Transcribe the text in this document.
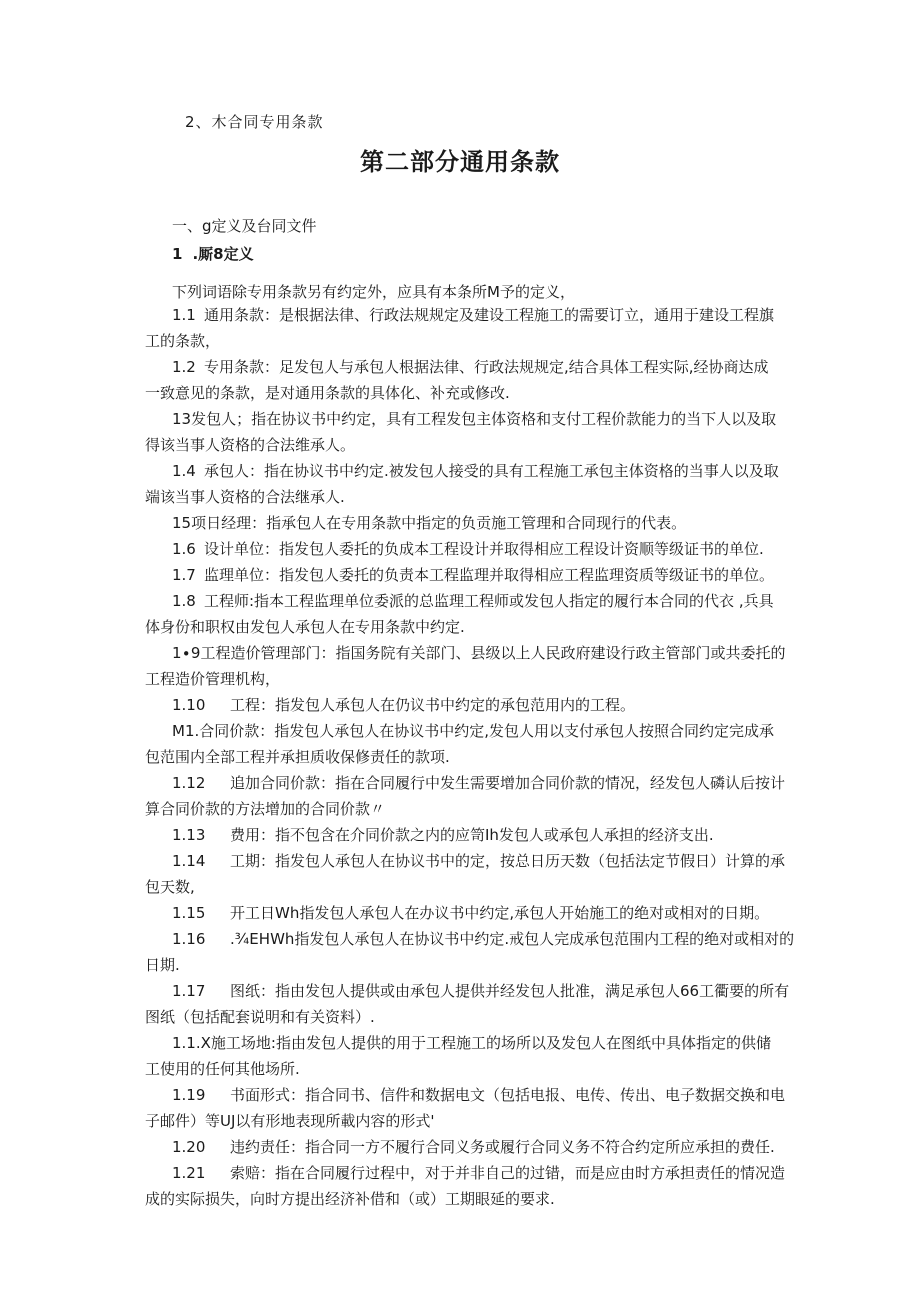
2、木合同专用条款

第二部分通用条款

一、g定义及台同文件

1 .厮8定义

下列词语除专用条款另有约定外，应具有本条所M予的定义，

1.1 通用条款：是根据法律、行政法规规定及建设工程施工的需要订立，通用于建设工程旗
工的条款，
1.2 专用条款：足发包人与承包人根据法律、行政法规规定,结合具体工程实际,经协商达成
一致意见的条款，是对通用条款的具体化、补充或修改.
13发包人；指在协议书中约定，具有工程发包主体资格和支付工程价款能力的当下人以及取
得该当事人资格的合法维承人。
1.4 承包人：指在协议书中约定.被发包人接受的具有工程施工承包主体资格的当事人以及取
端该当事人资格的合法继承人.
15项日经理：指承包人在专用条款中指定的负贡施工管理和合同现行的代表。
1.6 设计单位：指发包人委托的负成本工程设计并取得相应工程设计资顺等级证书的单位.
1.7 监理单位：指发包人委托的负责本工程监理并取得相应工程监理资质等级证书的单位。
1.8 工程师:指本工程监理单位委派的总监理工程师或发包人指定的履行本合同的代衣 ,兵具
体身份和职权由发包人承包人在专用条款中约定.
1∙9工程造价管理部门：指国务院有关部门、县级以上人民政府建设行政主管部门或共委托的
工程造价管理机构，
1.10 工程：指发包人承包人在仍议书中约定的承包范用内的工程。
M1.合同价款：指发包人承包人在协议书中约定,发包人用以支付承包人按照合同约定完成承
包范围内全部工程并承担质收保修责任的款项.
1.12 追加合同价款：指在合同履行中发生需要增加合同价款的情况，经发包人磷认后按计
算合同价款的方法增加的合同价款〃
1.13 费用：指不包含在介同价款之内的应笥Ih发包人或承包人承担的经济支出.
1.14 工期：指发包人承包人在协议书中的定，按总日历天数（包括法定节假日）计算的承
包天数,
1.15 开工日Wh指发包人承包人在办议书中约定,承包人开始施工的绝对或相对的日期。
1.16 .¾EHWh指发包人承包人在协议书中约定.戒包人完成承包范围内工程的绝对或相对的
日期.
1.17 图纸：指由发包人提供或由承包人提供并经发包人批准，满足承包人66工衢要的所有
图纸（包括配套说明和有关资料）.
1.1.X施工场地:指由发包人提供的用于工程施工的场所以及发包人在图纸中具体指定的供储
工使用的任何其他场所.
1.19 书面形式：指合同书、信件和数据电文（包括电报、电传、传出、电子数据交换和电
子邮件）等UJ以有形地表现所載内容的形式'
1.20 违约责任：指合同一方不履行合同义务或履行合同义务不符合约定所应承担的费任.
1.21 索赔：指在合同履行过程中，对于并非自己的过错，而是应由时方承担责任的情况造
成的实际损失，向时方提出经济补借和（或）工期眼延的要求.
